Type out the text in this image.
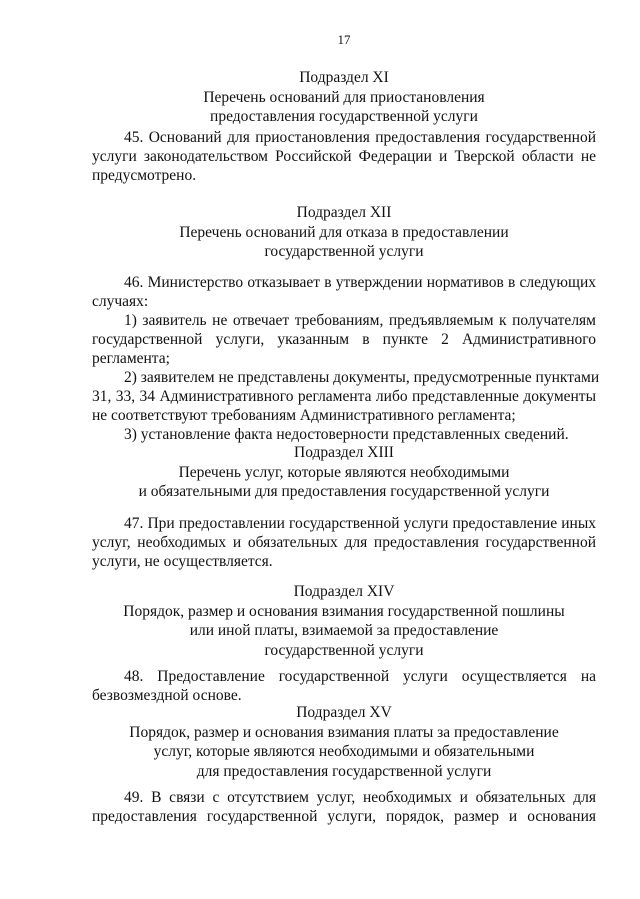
17
Подраздел XI
Перечень оснований для приостановления
предоставления государственной услуги
45. Оснований для приостановления предоставления государственной
услуги законодательством Российской Федерации и Тверской области не
предусмотрено.
Подраздел XII
Перечень оснований для отказа в предоставлении
государственной услуги
46. Министерство отказывает в утверждении нормативов в следующих
случаях:
1) заявитель не отвечает требованиям, предъявляемым к получателям
государственной услуги, указанным в пункте 2 Административного
регламента;
2) заявителем не представлены документы, предусмотренные пунктами
31, 33, 34 Административного регламента либо представленные документы
не соответствуют требованиям Административного регламента;
3) установление факта недостоверности представленных сведений.
Подраздел XIII
Перечень услуг, которые являются необходимыми
и обязательными для предоставления государственной услуги
47. При предоставлении государственной услуги предоставление иных
услуг, необходимых и обязательных для предоставления государственной
услуги, не осуществляется.
Подраздел XIV
Порядок, размер и основания взимания государственной пошлины
или иной платы, взимаемой за предоставление
государственной услуги
48. Предоставление государственной услуги осуществляется на
безвозмездной основе.
Подраздел XV
Порядок, размер и основания взимания платы за предоставление
услуг, которые являются необходимыми и обязательными
для предоставления государственной услуги
49. В связи с отсутствием услуг, необходимых и обязательных для
предоставления государственной услуги, порядок, размер и основания
